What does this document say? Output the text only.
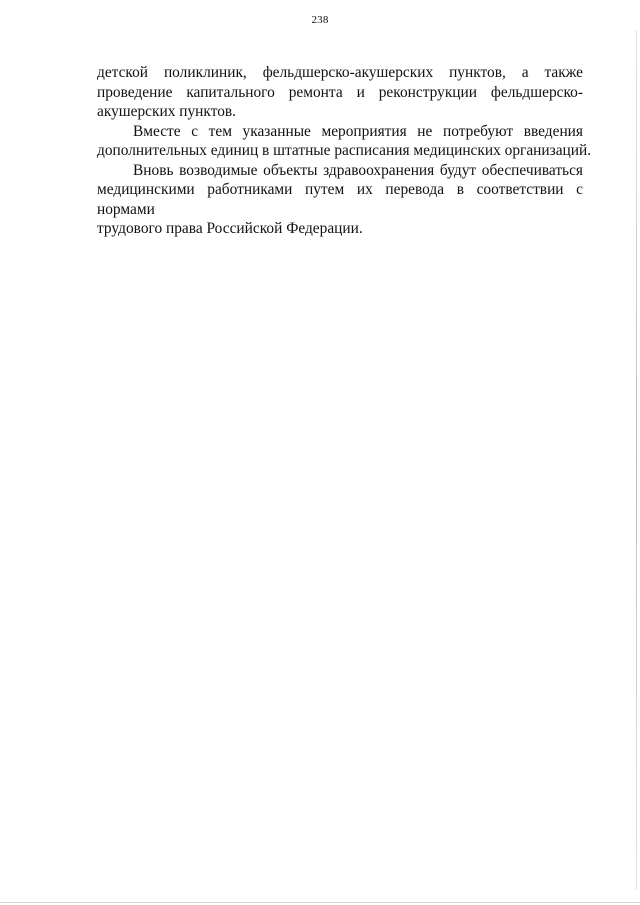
238
детской поликлиник, фельдшерско-акушерских пунктов, а также
проведение капитального ремонта и реконструкции фельдшерско-
акушерских пунктов.
Вместе с тем указанные мероприятия не потребуют введения
дополнительных единиц в штатные расписания медицинских организаций.
Вновь возводимые объекты здравоохранения будут обеспечиваться
медицинскими работниками путем их перевода в соответствии с нормами
трудового права Российской Федерации.
